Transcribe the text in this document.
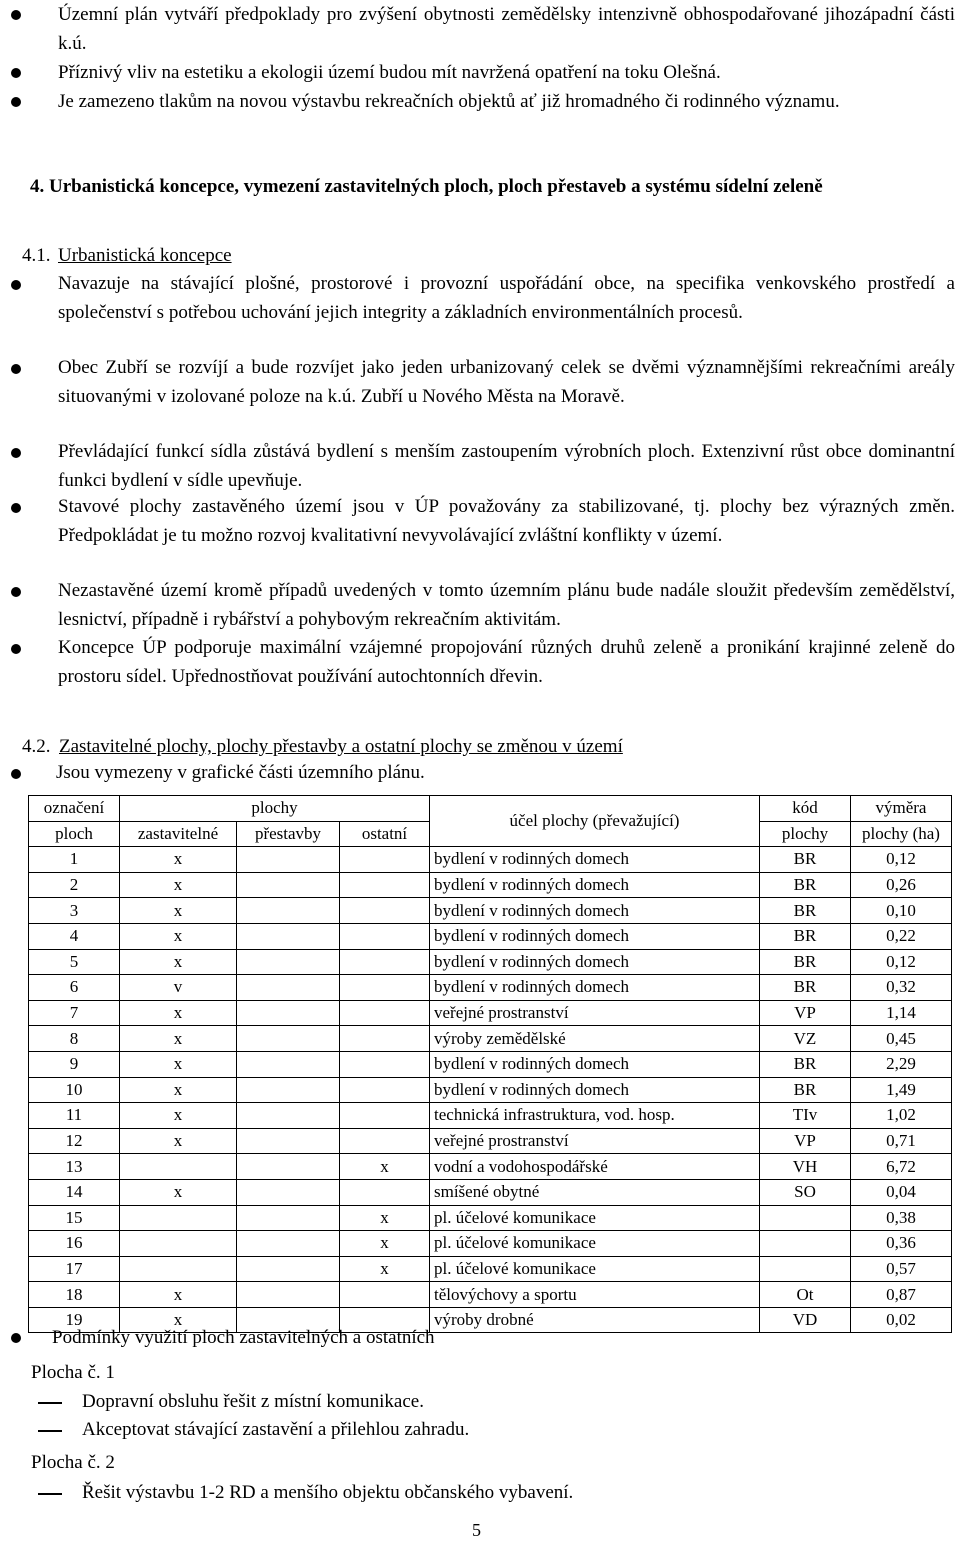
Územní plán vytváří předpoklady pro zvýšení obytnosti zemědělsky intenzivně obhospodařované jihozápadní části k.ú.
Příznivý vliv na estetiku a ekologii území budou mít navržená opatření na toku Olešná.
Je zamezeno tlakům na novou výstavbu rekreačních objektů ať již hromadného či rodinného významu.
4. Urbanistická koncepce, vymezení zastavitelných ploch, ploch přestaveb a systému sídelní zeleně
4.1. Urbanistická koncepce
Navazuje na stávající plošné, prostorové i provozní uspořádání obce, na specifika venkovského prostředí a společenství s potřebou uchování jejich integrity a základních environmentálních procesů.
Obec Zubří se rozvíjí a bude rozvíjet jako jeden urbanizovaný celek se dvěmi významnějšími rekreačními areály situovanými v izolované poloze na k.ú. Zubří u Nového Města na Moravě.
Převládající funkcí sídla zůstává bydlení s menším zastoupením výrobních ploch. Extenzivní růst obce dominantní funkci bydlení v sídle upevňuje.
Stavové plochy zastavěného území jsou v ÚP považovány za stabilizované, tj. plochy bez výrazných změn. Předpokládat je tu možno rozvoj kvalitativní nevyvolávající zvláštní konflikty v území.
Nezastavěné území kromě případů uvedených v tomto územním plánu bude nadále sloužit především zemědělství, lesnictví, případně i rybářství a pohybovým rekreačním aktivitám.
Koncepce ÚP podporuje maximální vzájemné propojování různých druhů zeleně a pronikání krajinné zeleně do prostoru sídel. Upřednostňovat používání autochtonních dřevin.
4.2. Zastavitelné plochy, plochy přestavby a ostatní plochy se změnou v území
Jsou vymezeny v grafické části územního plánu.
označení	plochy			účel plochy (převažující)	kód	výměra
ploch	zastavitelné	přestavby	ostatní		plochy	plochy (ha)
1	x			bydlení v rodinných domech	BR	0,12
2	x			bydlení v rodinných domech	BR	0,26
3	x			bydlení v rodinných domech	BR	0,10
4	x			bydlení v rodinných domech	BR	0,22
5	x			bydlení v rodinných domech	BR	0,12
6	v			bydlení v rodinných domech	BR	0,32
7	x			veřejné prostranství	VP	1,14
8	x			výroby zemědělské	VZ	0,45
9	x			bydlení v rodinných domech	BR	2,29
10	x			bydlení v rodinných domech	BR	1,49
11	x			technická infrastruktura, vod. hosp.	TIv	1,02
12	x			veřejné prostranství	VP	0,71
13			x	vodní a vodohospodářské	VH	6,72
14	x			smíšené obytné	SO	0,04
15			x	pl. účelové komunikace		0,38
16			x	pl. účelové komunikace		0,36
17			x	pl. účelové komunikace		0,57
18	x			tělovýchovy a sportu	Ot	0,87
19	x			výroby drobné	VD	0,02
Podmínky využití ploch zastavitelných a ostatních
Plocha č. 1
Dopravní obsluhu řešit z místní komunikace.
Akceptovat stávající zastavění a přilehlou zahradu.
Plocha č. 2
Řešit výstavbu 1-2 RD a menšího objektu občanského vybavení.
5
